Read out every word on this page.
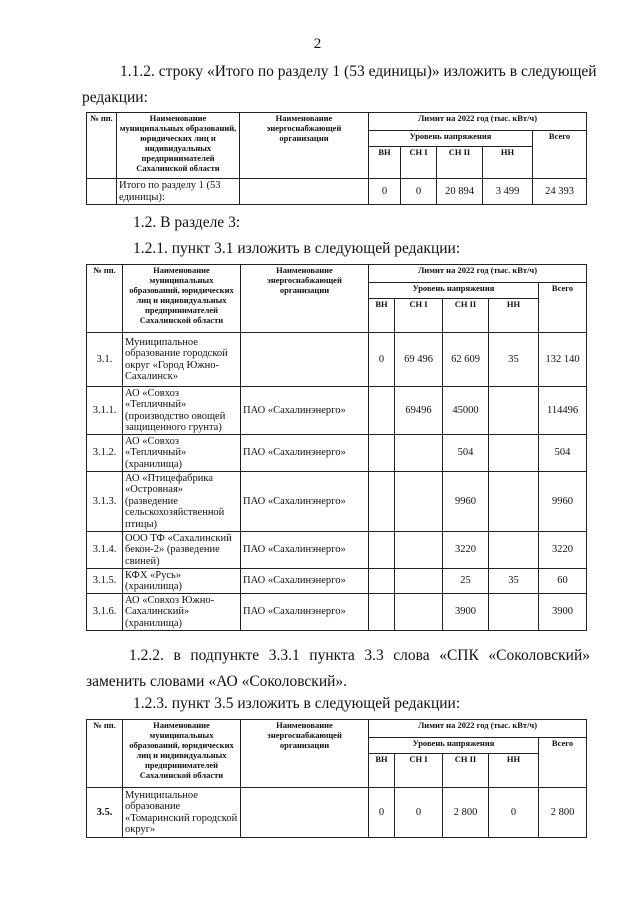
2
1.1.2. строку «Итого по разделу 1 (53 единицы)» изложить в следующей
редакции:
№ пп.	Наименование муниципальных образований, юридических лиц и индивидуальных предпринимателей Сахалинской области	Наименование энергоснабжающей организации	Лимит на 2022 год (тыс. кВт/ч)				
			Уровень напряжения				Всего
			ВН	СН I	СН II	НН	
	Итого по разделу 1 (53 единицы):		0	0	20 894	3 499	24 393
1.2. В разделе 3:
1.2.1. пункт 3.1 изложить в следующей редакции:
№ пп.	Наименование муниципальных образований, юридических лиц и индивидуальных предпринимателей Сахалинской области	Наименование энергоснабжающей организации	Лимит на 2022 год (тыс. кВт/ч)				
			Уровень напряжения				Всего
			ВН	СН I	СН II	НН	
3.1.	Муниципальное образование городской округ «Город Южно-Сахалинск»		0	69 496	62 609	35	132 140
3.1.1.	АО «Совхоз «Тепличный» (производство овощей защищенного грунта)	ПАО «Сахалинэнерго»		69496	45000		114496
3.1.2.	АО «Совхоз «Тепличный» (хранилища)	ПАО «Сахалинэнерго»			504		504
3.1.3.	АО «Птицефабрика «Островная» (разведение сельскохозяйственной птицы)	ПАО «Сахалинэнерго»			9960		9960
3.1.4.	ООО ТФ «Сахалинский бекон-2» (разведение свиней)	ПАО «Сахалинэнерго»			3220		3220
3.1.5.	КФХ «Русь» (хранилища)	ПАО «Сахалинэнерго»			25	35	60
3.1.6.	АО «Совхоз Южно-Сахалинский» (хранилища)	ПАО «Сахалинэнерго»			3900		3900
1.2.2. в подпункте 3.3.1 пункта 3.3 слова «СПК «Соколовский» заменить словами «АО «Соколовский».
1.2.3. пункт 3.5 изложить в следующей редакции:
№ пп.	Наименование муниципальных образований, юридических лиц и индивидуальных предпринимателей Сахалинской области	Наименование энергоснабжающей организации	Лимит на 2022 год (тыс. кВт/ч)				
			Уровень напряжения				Всего
			ВН	СН I	СН II	НН	
3.5.	Муниципальное образование «Томаринский городской округ»		0	0	2 800	0	2 800
